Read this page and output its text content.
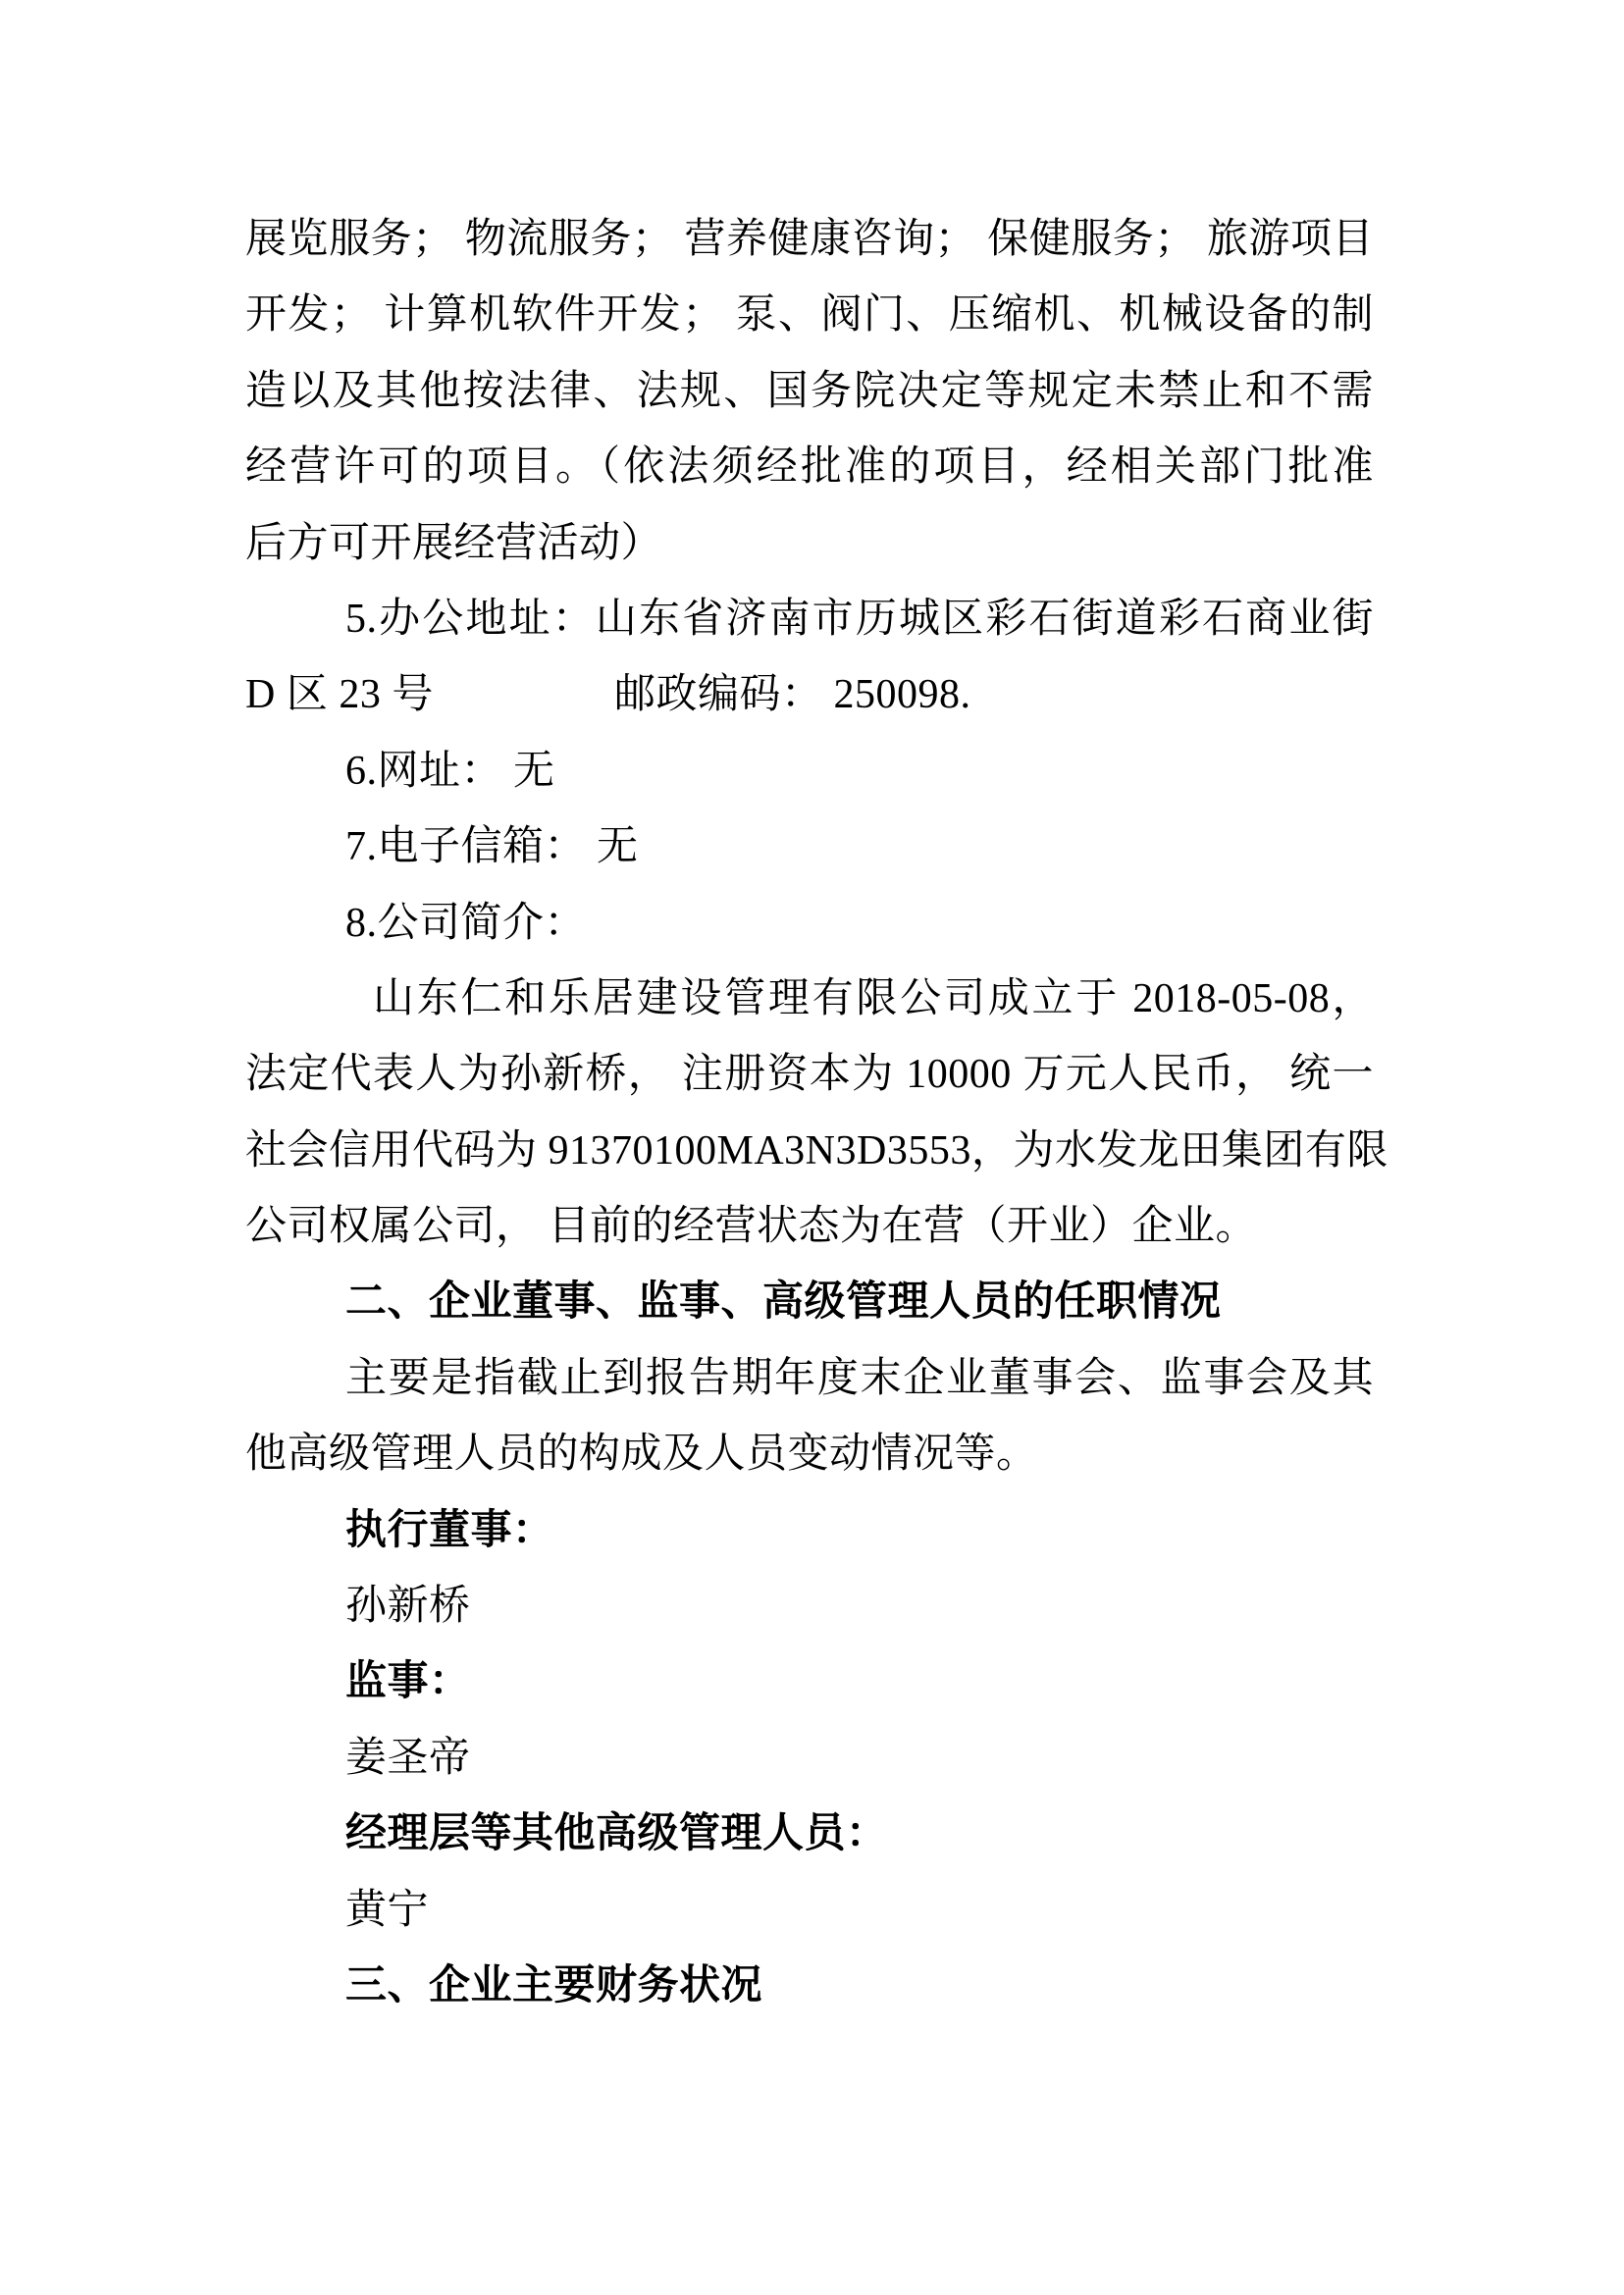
展览服务； 物流服务； 营养健康咨询； 保健服务； 旅游项目
开发； 计算机软件开发； 泵、阀门、压缩机、机械设备的制
造以及其他按法律、法规、国务院决定等规定未禁止和不需
经营许可的项目。（依法须经批准的项目，经相关部门批准
后方可开展经营活动）
5.办公地址：山东省济南市历城区彩石街道彩石商业街
D 区 23 号	邮政编码： 250098.
6.网址： 无
7.电子信箱： 无
8.公司简介：
山东仁和乐居建设管理有限公司成立于 2018-05-08，
法定代表人为孙新桥， 注册资本为 10000 万元人民币， 统一
社会信用代码为 91370100MA3N3D3553，为水发龙田集团有限
公司权属公司， 目前的经营状态为在营（开业）企业。
二、企业董事、监事、高级管理人员的任职情况
主要是指截止到报告期年度末企业董事会、监事会及其
他高级管理人员的构成及人员变动情况等。
执行董事：
孙新桥
监事：
姜圣帝
经理层等其他高级管理人员：
黄宁
三、企业主要财务状况
